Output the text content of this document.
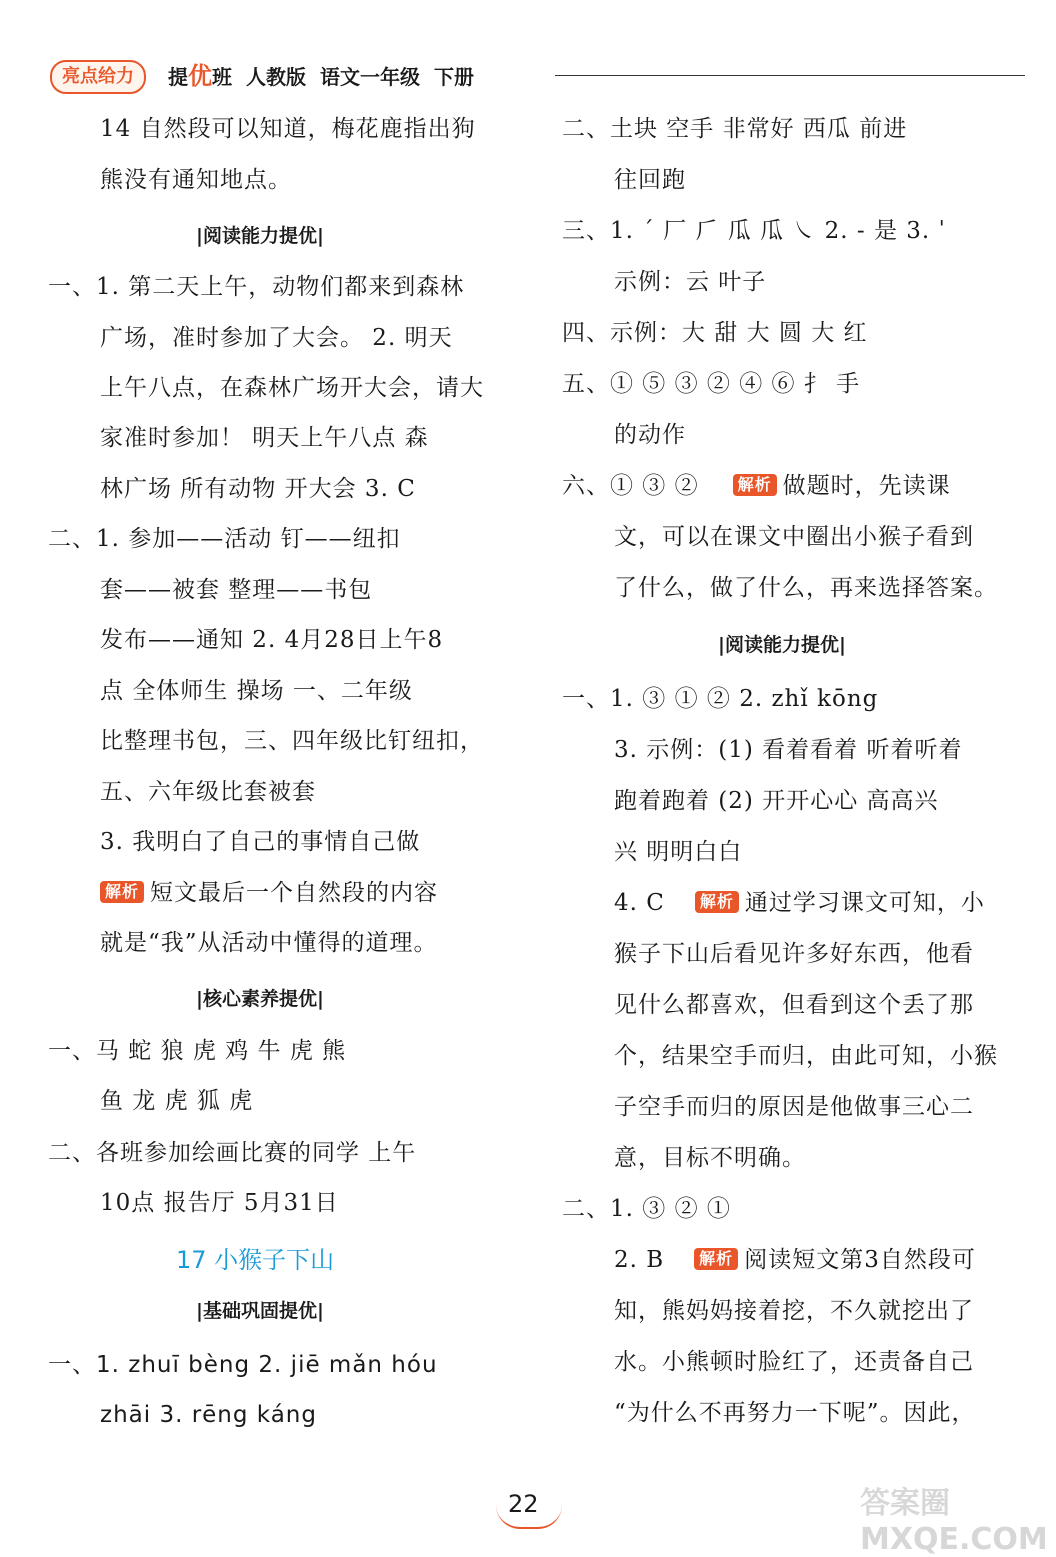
亮点给力	提优班 人教版 语文一年级 下册
14 自然段可以知道，梅花鹿指出狗
熊没有通知地点。
|阅读能力提优|
一、1. 第二天上午，动物们都来到森林
广场，准时参加了大会。 2. 明天
上午八点，在森林广场开大会，请大
家准时参加！ 明天上午八点 森
林广场 所有动物 开大会 3. C
二、1. 参加——活动 钉——纽扣
套——被套 整理——书包
发布——通知 2. 4月28日上午8
点 全体师生 操场 一、二年级
比整理书包，三、四年级比钉纽扣，
五、六年级比套被套
3. 我明白了自己的事情自己做
解析 短文最后一个自然段的内容
就是“我”从活动中懂得的道理。
|核心素养提优|
一、马 蛇 狼 虎 鸡 牛 虎 熊
鱼 龙 虎 狐 虎
二、各班参加绘画比赛的同学 上午
10点 报告厅 5月31日
17 小猴子下山
|基础巩固提优|
一、1. zhuī bèng 2. jiē mǎn hóu
zhāi 3. rēng káng
二、土块 空手 非常好 西瓜 前进
往回跑
三、1. ˊ 厂 𠂆 瓜 瓜 ㇏ 2. - 是 3. ˈ
示例：云 叶子
四、示例：大 甜 大 圆 大 红
五、① ⑤ ③ ② ④ ⑥ 扌 手
的动作
六、① ③ ② 解析 做题时，先读课
文，可以在课文中圈出小猴子看到
了什么，做了什么，再来选择答案。
|阅读能力提优|
一、1. ③ ① ② 2. zhǐ kōng
3. 示例：(1) 看着看着 听着听着
跑着跑着 (2) 开开心心 高高兴
兴 明明白白
4. C 解析 通过学习课文可知，小
猴子下山后看见许多好东西，他看
见什么都喜欢，但看到这个丢了那
个，结果空手而归，由此可知，小猴
子空手而归的原因是他做事三心二
意，目标不明确。
二、1. ③ ② ①
2. B 解析 阅读短文第3自然段可
知，熊妈妈接着挖，不久就挖出了
水。小熊顿时脸红了，还责备自己
“为什么不再努力一下呢”。因此，
22	答案圈 MXQE.COM
